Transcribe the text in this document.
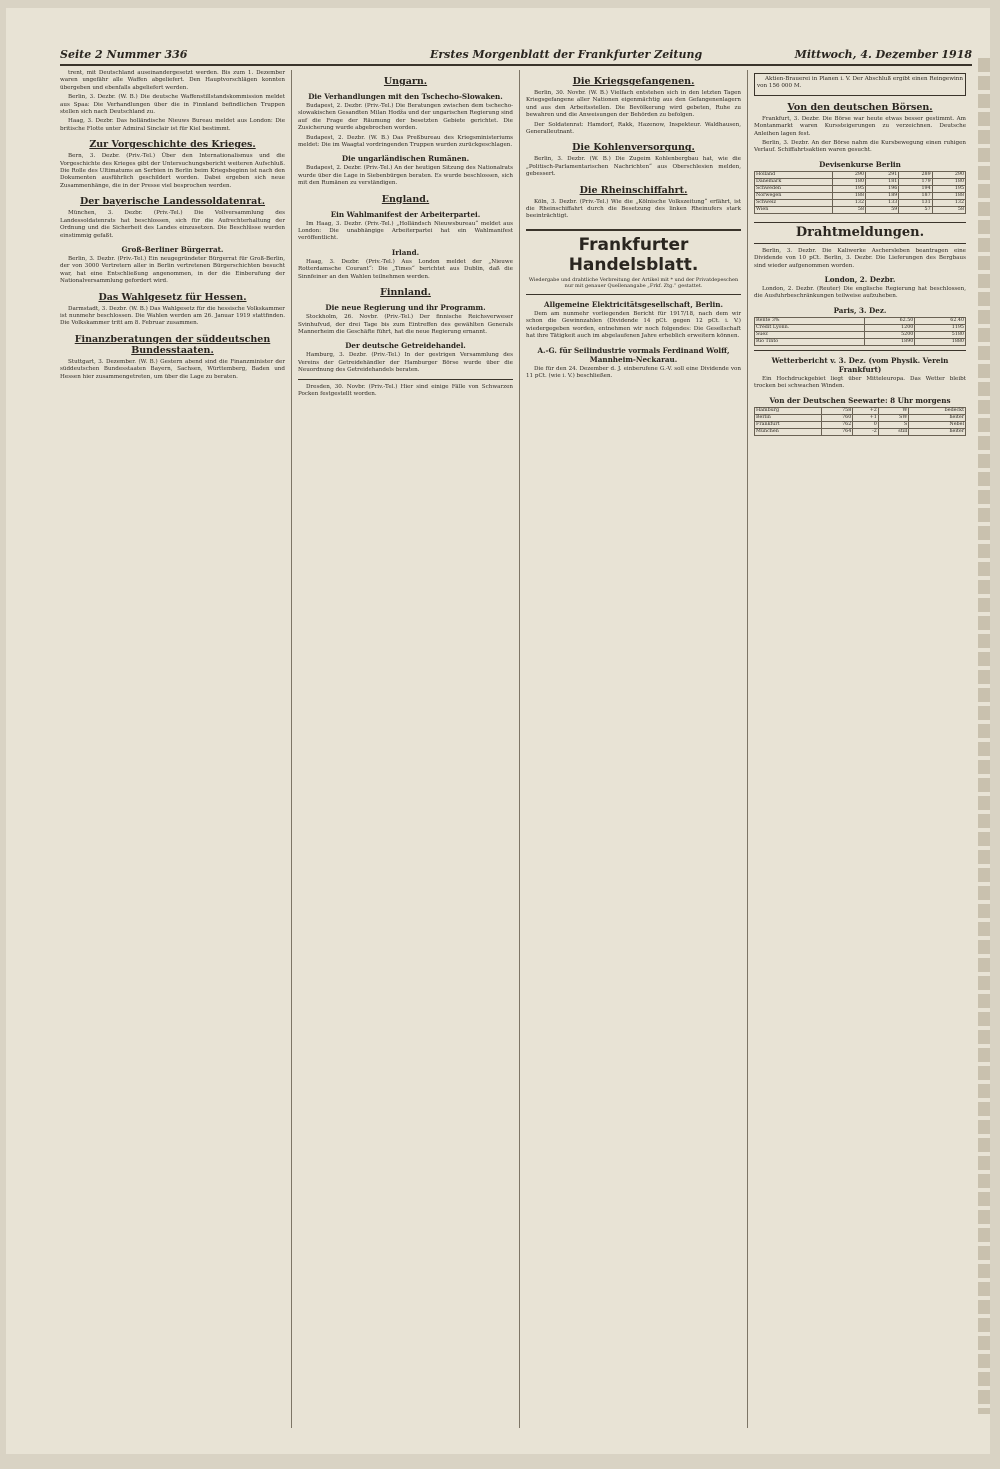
Seite 2 Nummer 336	Erstes Morgenblatt der Frankfurter Zeitung	Mittwoch, 4. Dezember 1918

trent, mit Deutschland auseinandergesetzt werden. Bis zum 1. Dezember waren ungefähr alle Waffen abgeliefert. Den Hauptvorschlägen konnten übergeben und ebenfalls abgeliefert werden.

Berlin, 3. Dezbr. (W. B.) Die deutsche Waffenstillstandskommission meldet aus Spaa: Die Verhandlungen über die in Finnland befindlichen Truppen stellen sich nach Deutschland zu.

Haag, 3. Dezbr. Das holländische Nieuws Bureau meldet aus London: Die britische Flotte unter Admiral Sinclair ist für Kiel bestimmt.

Zur Vorgeschichte des Krieges.

Bern, 3. Dezbr. (Priv.-Tel.) Über den Internationalismus und die Vorgeschichte des Krieges gibt der Untersuchungsbericht weiteren Aufschluß. Die Rolle des Ultimatums an Serbien in Berlin beim Kriegsbeginn ist nach den Dokumenten ausführlich geschildert worden. Dabei ergeben sich neue Zusammenhänge, die in der Presse viel besprochen werden.

Der bayerische Landessoldatenrat.

München, 3. Dezbr. (Priv.-Tel.) Die Vollversammlung des Landessoldatenrats hat beschlossen, sich für die Aufrechterhaltung der Ordnung und die Sicherheit des Landes einzusetzen. Die Beschlüsse wurden einstimmig gefaßt.

Groß-Berliner Bürgerrat.

Berlin, 3. Dezbr. (Priv.-Tel.) Ein neugegründeter Bürgerrat für Groß-Berlin, der von 3000 Vertretern aller in Berlin vertretenen Bürgerschichten besucht war, hat eine Entschließung angenommen, in der die Einberufung der Nationalversammlung gefordert wird.

Das Wahlgesetz für Hessen.

Darmstadt, 3. Dezbr. (W. B.) Das Wahlgesetz für die hessische Volkskammer ist nunmehr beschlossen. Die Wahlen werden am 26. Januar 1919 stattfinden. Die Volkskammer tritt am 8. Februar zusammen.

Finanzberatungen der süddeutschen Bundesstaaten.

Stuttgart, 3. Dezember. (W. B.) Gestern abend sind die Finanzminister der süddeutschen Bundesstaaten Bayern, Sachsen, Württemberg, Baden und Hessen hier zusammengetreten, um über die Lage zu beraten.

Ungarn.
Die Verhandlungen mit den Tschecho-Slowaken.

Budapest, 2. Dezbr. (Priv.-Tel.) Die Beratungen zwischen dem tschecho-slowakischen Gesandten Milan Hodža und der ungarischen Regierung sind auf die Frage der Räumung der besetzten Gebiete gerichtet. Die Zusicherung wurde abgebrochen worden.

Budapest, 2. Dezbr. (W. B.) Das Preßbureau des Kriegsministeriums meldet: Die im Waagtal vordringenden Truppen wurden zurückgeschlagen.

Die ungarländischen Rumänen.

Budapest, 2. Dezbr. (Priv.-Tel.) An der heutigen Sitzung des Nationalrats wurde über die Lage in Siebenbürgen beraten. Es wurde beschlossen, sich mit den Rumänen zu verständigen.

England.
Ein Wahlmanifest der Arbeiterpartei.

Im Haag, 3. Dezbr. (Priv.-Tel.) „Holländsch Nieuwsbureau“ meldet aus London: Die unabhängige Arbeiterpartei hat ein Wahlmanifest veröffentlicht.

Irland.

Haag, 3. Dezbr. (Priv.-Tel.) Aus London meldet der „Nieuwe Rotterdamsche Courant“: Die „Times“ berichtet aus Dublin, daß die Sinnfeiner an den Wahlen teilnehmen werden.

Finnland.
Die neue Regierung und ihr Programm.

Stockholm, 26. Novbr. (Priv.-Tel.) Der finnische Reichsverweser Svinhufvud, der drei Tage bis zum Eintreffen des gewählten Generals Mannerheim die Geschäfte führt, hat die neue Regierung ernannt.

Der deutsche Getreidehandel.

Hamburg, 3. Dezbr. (Priv.-Tel.) In der gestrigen Versammlung des Vereins der Getreidehändler der Hamburger Börse wurde über die Neuordnung des Getreidehandels beraten.

Dresden, 30. Novbr. (Priv.-Tel.) Hier sind einige Fälle von Schwarzen Pocken festgestellt worden.

Die Kriegsgefangenen.

Berlin, 30. Novbr. (W. B.) Vielfach entstehen sich in den letzten Tagen Kriegsgefangene aller Nationen eigenmächtig aus den Gefangenenlagern und aus den Arbeitsstellen. Die Bevölkerung wird gebeten, Ruhe zu bewahren und die Anweisungen der Behörden zu befolgen.

Der Soldatenrat: Hamdorf, Rakk, Hazenow, Inspekteur. Waldhausen, Generalleutnant.

Die Kohlenversorgung.

Berlin, 3. Dezbr. (W. B.) Die Zugeim Kohlenbergbau hat, wie die „Politisch-Parlamentarischen Nachrichten“ aus Oberschlesien melden, gebessert.

Die Rheinschiffahrt.

Köln, 3. Dezbr. (Priv.-Tel.) Wie die „Kölnische Volkszeitung“ erfährt, ist die Rheinschiffahrt durch die Besetzung des linken Rheinufers stark beeinträchtigt.

Frankfurter Handelsblatt.
Wiedergabe und drahtliche Verbreitung der Artikel mit * und der Privatdepeschen nur mit genauer Quellenangabe „Frkf. Ztg.“ gestattet.
Allgemeine Elektricitätsgesellschaft, Berlin.

Dem am nunmehr vorliegenden Bericht für 1917/18, nach dem wir schon die Gewinnzahlen (Dividende 14 pCt. gegen 12 pCt. i. V.) wiedergegeben worden, entnehmen wir noch folgendes: Die Gesellschaft hat ihre Tätigkeit auch im abgelaufenen Jahre erheblich erweitern können.

A.-G. für Seilindustrie vormals Ferdinand Wolff, Mannheim-Neckarau.

Die für den 24. Dezember d. J. einberufene G.-V. soll eine Dividende von 11 pCt. (wie i. V.) beschließen.

Aktien-Brauerei in Planen i. V. Der Abschluß ergibt einen Reingewinn von 156 000 M.

Von den deutschen Börsen.

Frankfurt, 3. Dezbr. Die Börse war heute etwas besser gestimmt. Am Montanmarkt waren Kurssteigerungen zu verzeichnen. Deutsche Anleihen lagen fest.

Berlin, 3. Dezbr. An der Börse nahm die Kursbewegung einen ruhigen Verlauf. Schiffahrtsaktien waren gesucht.

Devisenkurse Berlin
Holland	290	291	289	290
Dänemark	180	181	179	180
Schweden	195	196	194	195
Norwegen	188	189	187	188
Schweiz	132	133	131	132
Wien	58	59	57	58
Drahtmeldungen.

Berlin, 3. Dezbr. Die Kaliwerke Aschersleben beantragen eine Dividende von 10 pCt. Berlin, 3. Dezbr. Die Lieferungen des Bergbaus sind wieder aufgenommen worden.

London, 2. Dezbr.

London, 2. Dezbr. (Reuter) Die englische Regierung hat beschlossen, die Ausfuhrbeschränkungen teilweise aufzuheben.

Paris, 3. Dez.
Rente 3%	62.50	62.40
Crédit Lyonn.	1200	1195
Suez	5200	5180
Rio Tinto	1890	1880
Wetterbericht v. 3. Dez. (vom Physik. Verein Frankfurt)

Ein Hochdruckgebiet liegt über Mitteleuropa. Das Wetter bleibt trocken bei schwachen Winden.

Von der Deutschen Seewarte: 8 Uhr morgens
Hamburg	758	+2	W	bedeckt
Berlin	760	+1	SW	heiter
Frankfurt	762	0	S	Nebel
München	764	-2	still	heiter
